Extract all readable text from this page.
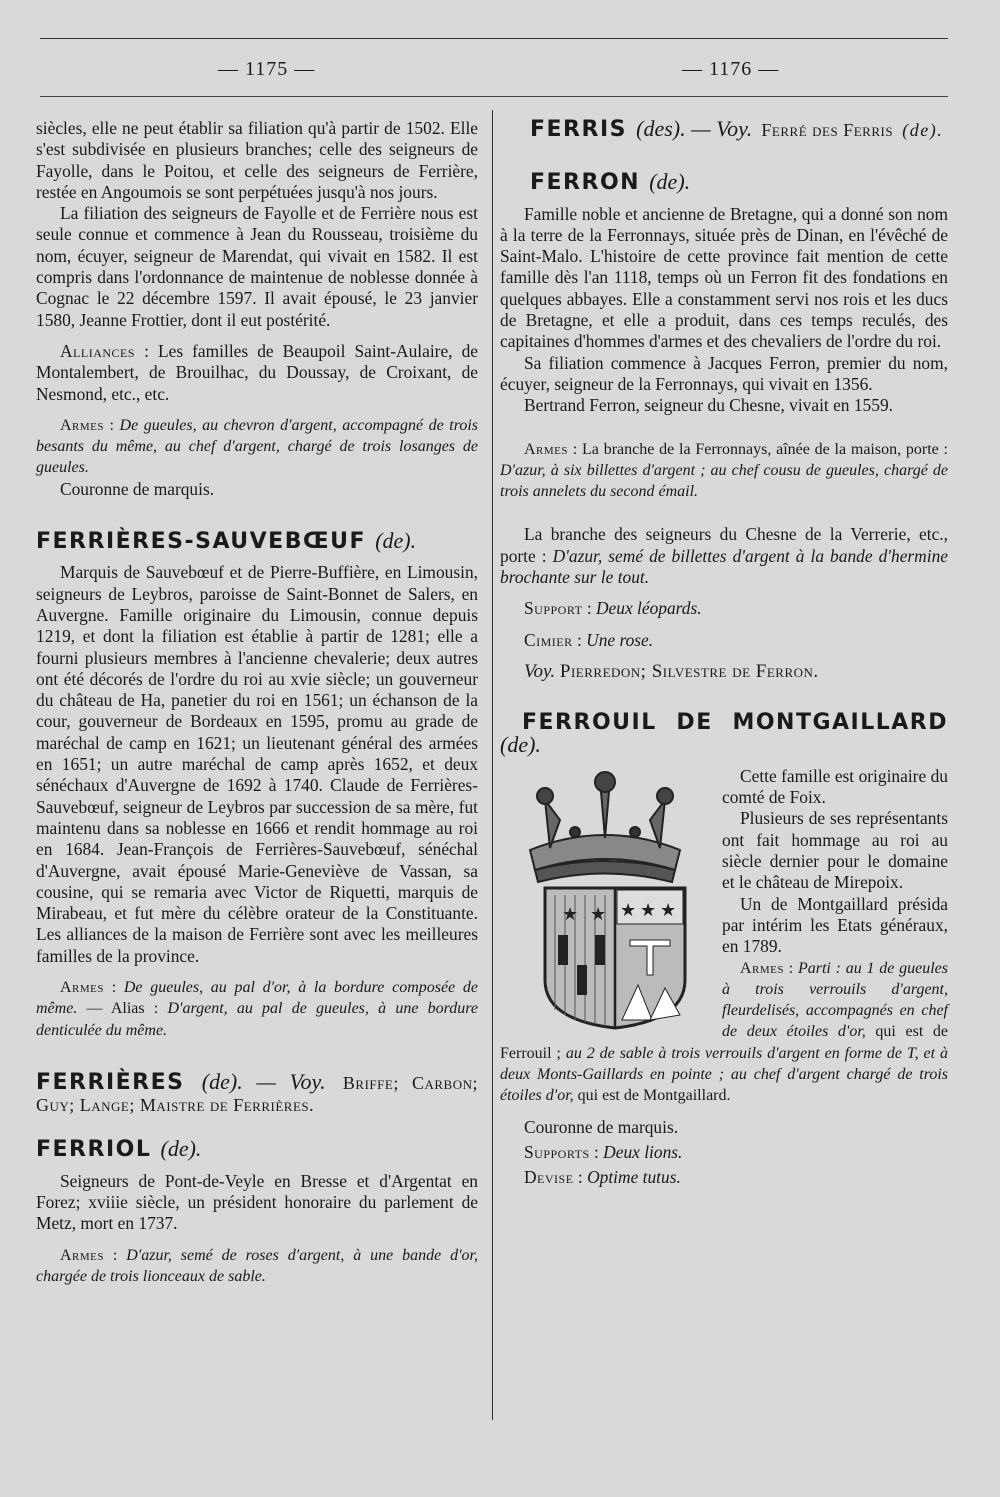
— 1175 —	— 1176 —

siècles, elle ne peut établir sa filiation qu'à partir de 1502. Elle s'est subdivisée en plusieurs branches; celle des seigneurs de Fayolle, dans le Poitou, et celle des seigneurs de Ferrière, restée en Angoumois se sont perpétuées jusqu'à nos jours.

La filiation des seigneurs de Fayolle et de Ferrière nous est seule connue et commence à Jean du Rousseau, troisième du nom, écuyer, seigneur de Marendat, qui vivait en 1582. Il est compris dans l'ordonnance de maintenue de noblesse donnée à Cognac le 22 décembre 1597. Il avait épousé, le 23 janvier 1580, Jeanne Frottier, dont il eut postérité.

Alliances : Les familles de Beaupoil Saint-Aulaire, de Montalembert, de Brouilhac, du Doussay, de Croixant, de Nesmond, etc., etc.

Armes : De gueules, au chevron d'argent, accompagné de trois besants du même, au chef d'argent, chargé de trois losanges de gueules.

Couronne de marquis.

FERRIÈRES-SAUVEBŒUF (de).

Marquis de Sauvebœuf et de Pierre-Buffière, en Limousin, seigneurs de Leybros, paroisse de Saint-Bonnet de Salers, en Auvergne. Famille originaire du Limousin, connue depuis 1219, et dont la filiation est établie à partir de 1281; elle a fourni plusieurs membres à l'ancienne chevalerie; deux autres ont été décorés de l'ordre du roi au xvie siècle; un gouverneur du château de Ha, panetier du roi en 1561; un échanson de la cour, gouverneur de Bordeaux en 1595, promu au grade de maréchal de camp en 1621; un lieutenant général des armées en 1651; un autre maréchal de camp après 1652, et deux sénéchaux d'Auvergne de 1692 à 1740. Claude de Ferrières-Sauvebœuf, seigneur de Leybros par succession de sa mère, fut maintenu dans sa noblesse en 1666 et rendit hommage au roi en 1684. Jean-François de Ferrières-Sauvebœuf, sénéchal d'Auvergne, avait épousé Marie-Geneviève de Vassan, sa cousine, qui se remaria avec Victor de Riquetti, marquis de Mirabeau, et fut mère du célèbre orateur de la Constituante. Les alliances de la maison de Ferrière sont avec les meilleures familles de la province.

Armes : De gueules, au pal d'or, à la bordure composée de même. — Alias : D'argent, au pal de gueules, à une bordure denticulée du même.

FERRIÈRES (de). — Voy. Briffe; Carbon; Guy; Lange; Maistre de Ferrières.

FERRIOL (de).

Seigneurs de Pont-de-Veyle en Bresse et d'Argentat en Forez; xviiie siècle, un président honoraire du parlement de Metz, mort en 1737.

Armes : D'azur, semé de roses d'argent, à une bande d'or, chargée de trois lionceaux de sable.

FERRIS (des). — Voy. Ferré des Ferris (de).

FERRON (de).

Famille noble et ancienne de Bretagne, qui a donné son nom à la terre de la Ferronnays, située près de Dinan, en l'évêché de Saint-Malo. L'histoire de cette province fait mention de cette famille dès l'an 1118, temps où un Ferron fit des fondations en quelques abbayes. Elle a constamment servi nos rois et les ducs de Bretagne, et elle a produit, dans ces temps reculés, des capitaines d'hommes d'armes et des chevaliers de l'ordre du roi.

Sa filiation commence à Jacques Ferron, premier du nom, écuyer, seigneur de la Ferronnays, qui vivait en 1356.

Bertrand Ferron, seigneur du Chesne, vivait en 1559.

Armes : La branche de la Ferronnays, aînée de la maison, porte : D'azur, à six billettes d'argent ; au chef cousu de gueules, chargé de trois annelets du second émail.

La branche des seigneurs du Chesne de la Verrerie, etc., porte : D'azur, semé de billettes d'argent à la bande d'hermine brochante sur le tout.

Support : Deux léopards.

Cimier : Une rose.

Voy. Pierredon; Silvestre de Ferron.

FERROUIL DE MONTGAILLARD (de).

★ ★ ★ ★ ★

Cette famille est originaire du comté de Foix.

Plusieurs de ses représentants ont fait hommage au roi au siècle dernier pour le domaine et le château de Mirepoix.

Un de Montgaillard présida par intérim les Etats généraux, en 1789.

Armes : Parti : au 1 de gueules à trois verrouils d'argent, fleurdelisés, accompagnés en chef de deux étoiles d'or, qui est de Ferrouil ; au 2 de sable à trois verrouils d'argent en forme de T, et à deux Monts-Gaillards en pointe ; au chef d'argent chargé de trois étoiles d'or, qui est de Montgaillard.

Couronne de marquis.

Supports : Deux lions.

Devise : Optime tutus.
